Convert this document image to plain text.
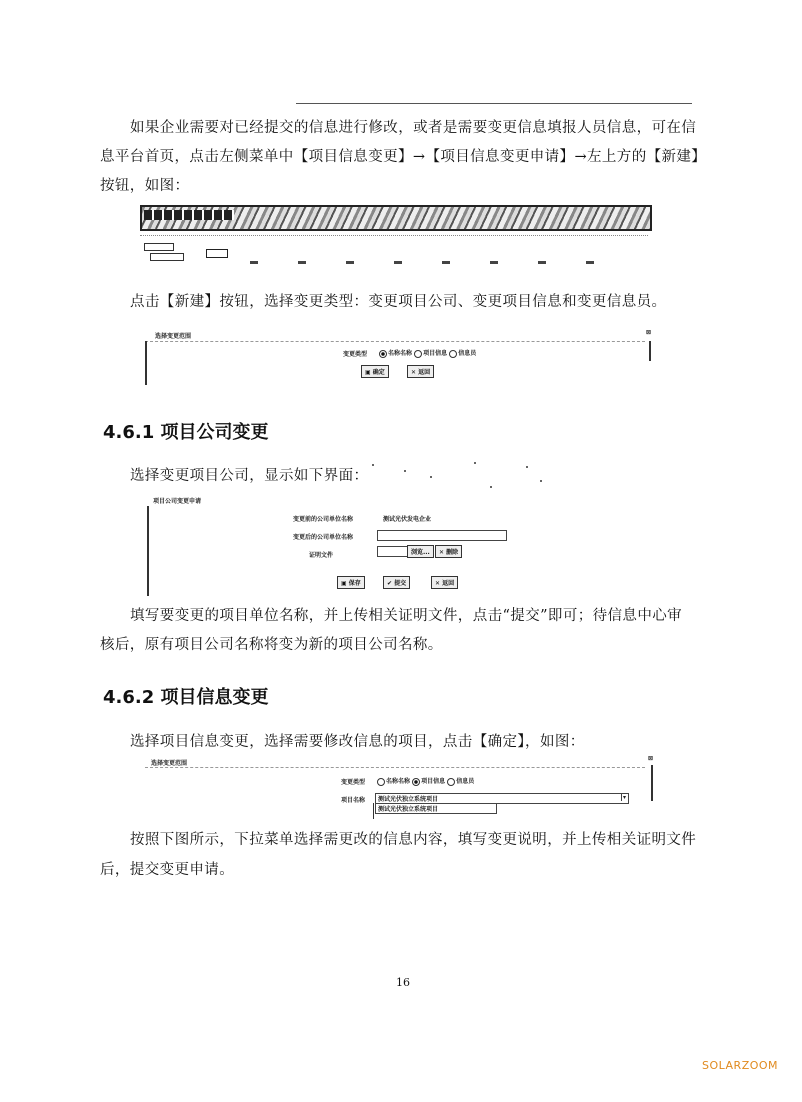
如果企业需要对已经提交的信息进行修改，或者是需要变更信息填报人员信息，可在信
息平台首页，点击左侧菜单中【项目信息变更】→【项目信息变更申请】→左上方的【新建】
按钮，如图：
点击【新建】按钮，选择变更类型：变更项目公司、变更项目信息和变更信息员。
选择变更范围
⊠
变更类型	名称名称 项目信息 信息员
▣ 确定	✕ 返回
4.6.1 项目公司变更
选择变更项目公司，显示如下界面：
项目公司变更申请
变更前的公司单位名称	测试光伏发电企业
变更后的公司单位名称
证明文件	浏览...	✕ 删除
▣ 保存	✔ 提交	✕ 返回
填写要变更的项目单位名称，并上传相关证明文件，点击“提交”即可；待信息中心审
核后，原有项目公司名称将变为新的项目公司名称。
4.6.2 项目信息变更
选择项目信息变更，选择需要修改信息的项目，点击【确定】，如图：
选择变更范围
⊠
变更类型	名称名称 项目信息 信息员
项目名称 测试光伏独立系统项目	▾
测试光伏独立系统项目
按照下图所示，下拉菜单选择需更改的信息内容，填写变更说明，并上传相关证明文件
后，提交变更申请。
16
SOLARZOOM
